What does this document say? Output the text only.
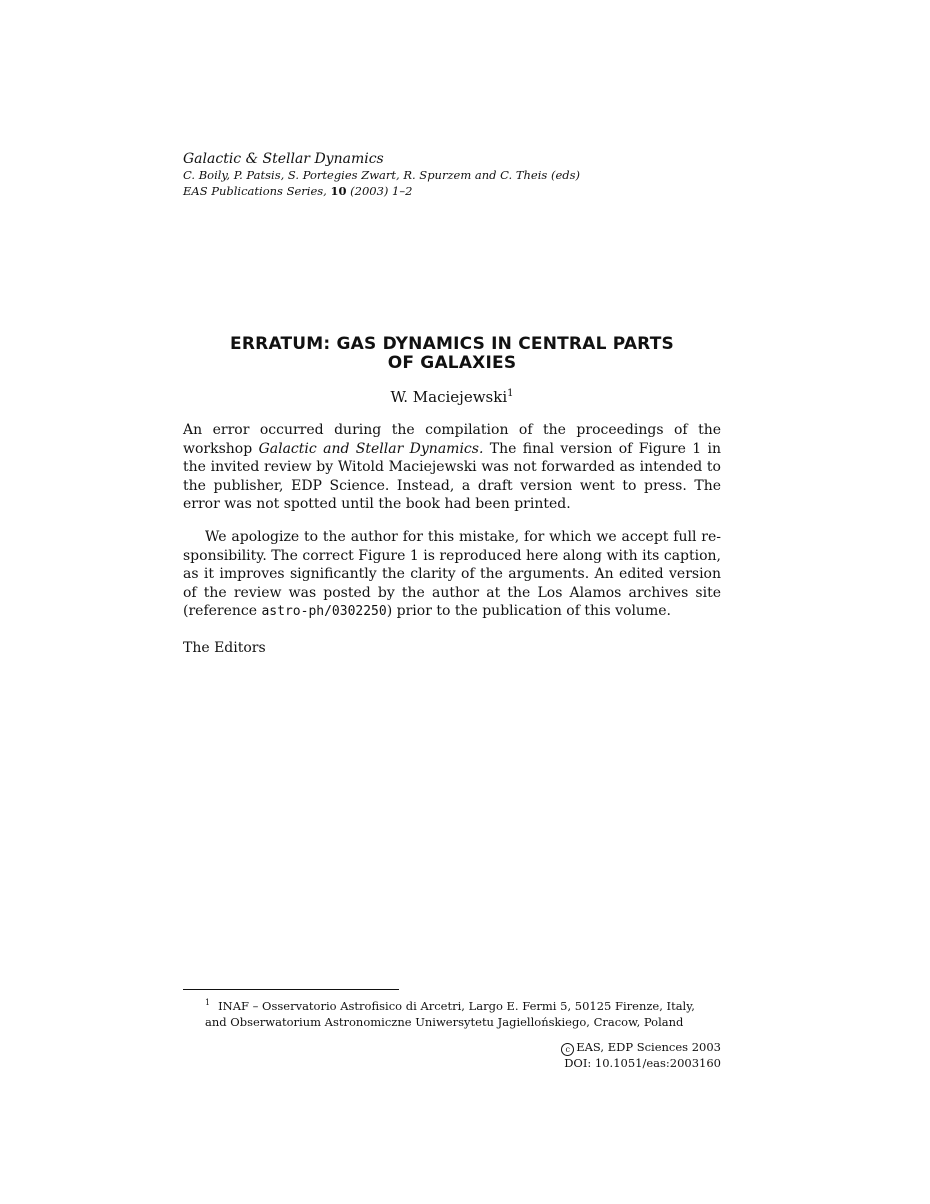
Galactic & Stellar Dynamics
C. Boily, P. Patsis, S. Portegies Zwart, R. Spurzem and C. Theis (eds)
EAS Publications Series, 10 (2003) 1–2
ERRATUM: GAS DYNAMICS IN CENTRAL PARTS
OF GALAXIES
W. Maciejewski$^1$
An error occurred during the compilation of the proceedings of the workshop Galactic and Stellar Dynamics. The final version of Figure 1 in the invited review by Witold Maciejewski was not forwarded as intended to the publisher, EDP Science. Instead, a draft version went to press. The error was not spotted until the book had been printed.
We apologize to the author for this mistake, for which we accept full re-sponsibility. The correct Figure 1 is reproduced here along with its caption, as it improves significantly the clarity of the arguments. An edited version of the review was posted by the author at the Los Alamos archives site (reference astro-ph/0302250) prior to the publication of this volume.
The Editors
$^1$ INAF – Osservatorio Astrofisico di Arcetri, Largo E. Fermi 5, 50125 Firenze, Italy,
and Obserwatorium Astronomiczne Uniwersytetu Jagiellońskiego, Cracow, Poland
c EAS, EDP Sciences 2003
DOI: 10.1051/eas:2003160
